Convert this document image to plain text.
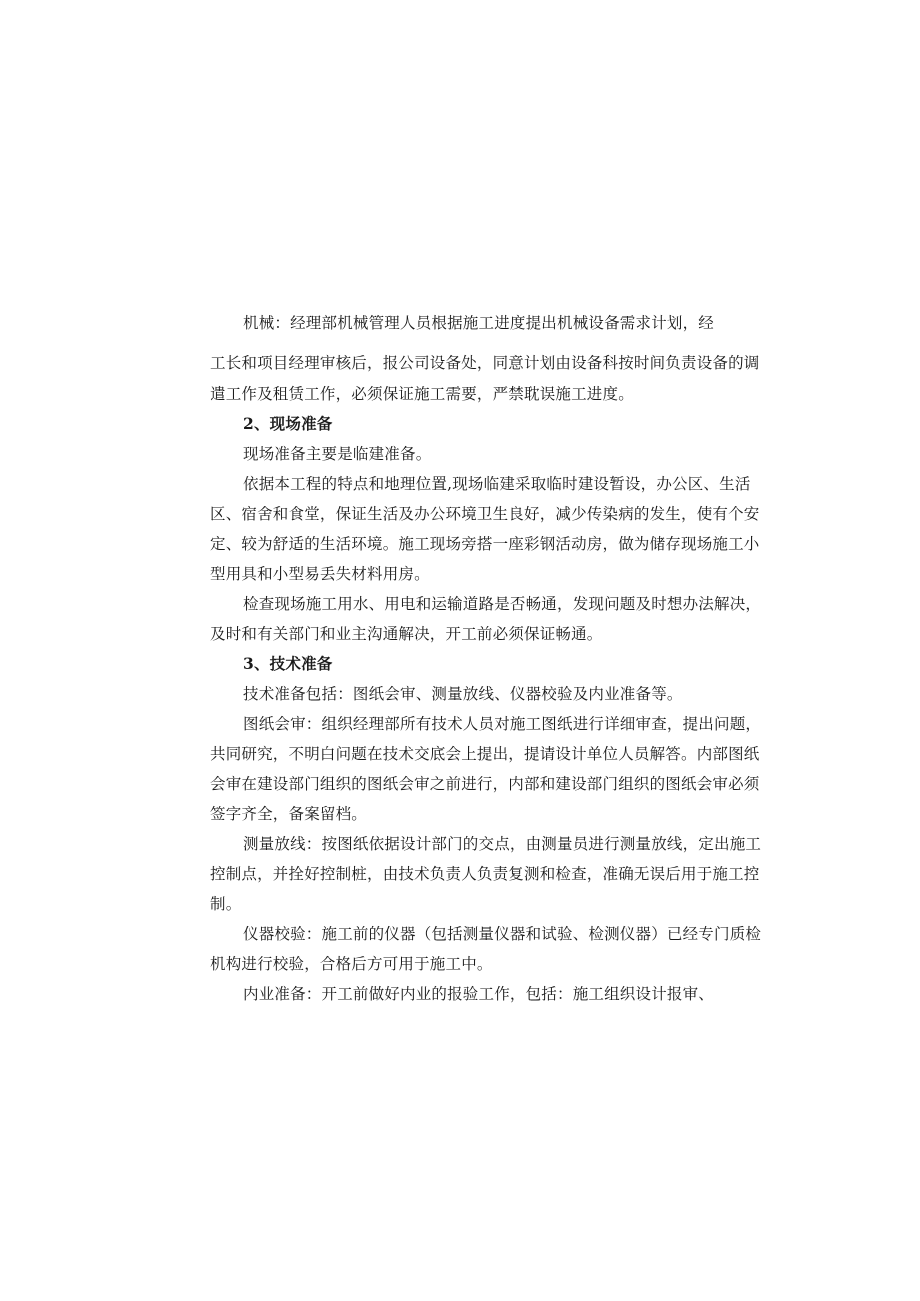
机械：经理部机械管理人员根据施工进度提出机械设备需求计划，经
工长和项目经理审核后，报公司设备处，同意计划由设备科按时间负责设备的调
遣工作及租赁工作，必须保证施工需要，严禁耽误施工进度。
2、现场准备
现场准备主要是临建准备。
依据本工程的特点和地理位置,现场临建采取临时建设暂设，办公区、生活
区、宿舍和食堂，保证生活及办公环境卫生良好，减少传染病的发生，使有个安
定、较为舒适的生活环境。施工现场旁搭一座彩钢活动房，做为储存现场施工小
型用具和小型易丢失材料用房。
检查现场施工用水、用电和运输道路是否畅通，发现问题及时想办法解决，
及时和有关部门和业主沟通解决，开工前必须保证畅通。
3、技术准备
技术准备包括：图纸会审、测量放线、仪器校验及内业准备等。
图纸会审：组织经理部所有技术人员对施工图纸进行详细审查，提出问题，
共同研究，不明白问题在技术交底会上提出，提请设计单位人员解答。内部图纸
会审在建设部门组织的图纸会审之前进行，内部和建设部门组织的图纸会审必须
签字齐全，备案留档。
测量放线：按图纸依据设计部门的交点，由测量员进行测量放线，定出施工
控制点，并拴好控制桩，由技术负责人负责复测和检查，准确无误后用于施工控
制。
仪器校验：施工前的仪器（包括测量仪器和试验、检测仪器）已经专门质检
机构进行校验，合格后方可用于施工中。
内业准备：开工前做好内业的报验工作，包括：施工组织设计报审、
